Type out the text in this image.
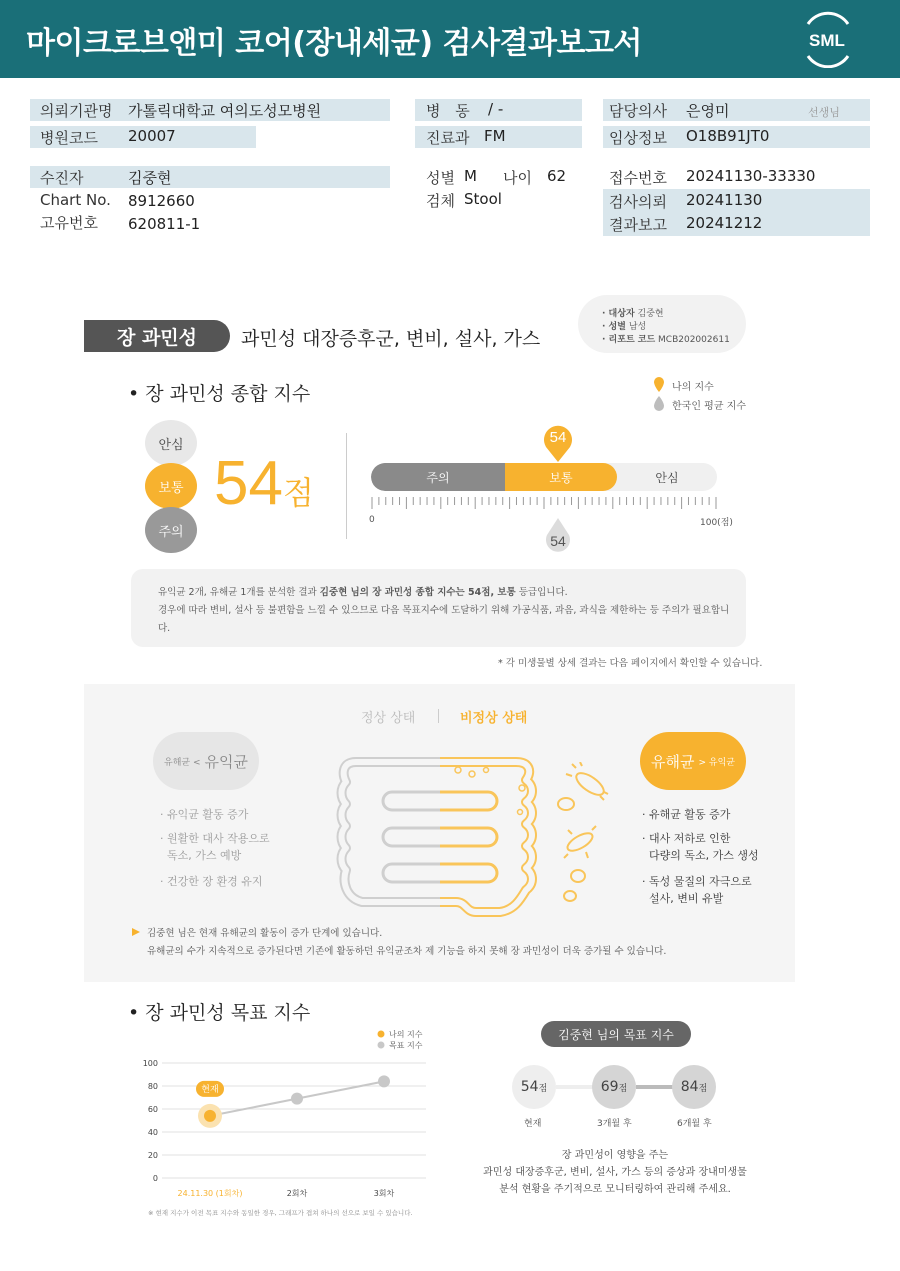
마이크로브앤미 코어(장내세균) 검사결과보고서	SML
의뢰기관명 가톨릭대학교 여의도성모병원
병원코드 20007
병 동 / -
진료과 FM
담당의사 은영미	선생님
임상정보 O18B91JT0
수진자	김중현
Chart No. 8912660
고유번호 620811-1
성별 M 나이 62
검체 Stool
접수번호 20241130-33330
검사의뢰 20241130
결과보고 20241212
장 과민성 과민성 대장증후군, 변비, 설사, 가스
· 대상자 김중현
· 성별 남성
· 리포트 코드 MCB202002611
• 장 과민성 종합 지수	나의 지수
한국인 평균 지수
안심
보통
주의
54점	주의	보통	안심
0	100(점)
54
54
유익균 2개, 유해균 1개를 분석한 결과 김중현 님의 장 과민성 종합 지수는 54점, 보통 등급입니다.
경우에 따라 변비, 설사 등 불편함을 느낄 수 있으므로 다음 목표지수에 도달하기 위해 가공식품, 과음, 과식을 제한하는 등 주의가 필요합니
다.
* 각 미생물별 상세 결과는 다음 페이지에서 확인할 수 있습니다.
정상 상태	비정상 상태
유해균 < 유익균	유해균 > 유익균
· 유익균 활동 증가
· 원활한 대사 작용으로
독소, 가스 예방
· 건강한 장 환경 유지
· 유해균 활동 증가
· 대사 저하로 인한
다량의 독소, 가스 생성
· 독성 물질의 자극으로
설사, 변비 유발
김중현 님은 현재 유해균의 활동이 증가 단계에 있습니다.
유해균의 수가 지속적으로 증가된다면 기존에 활동하던 유익균조차 제 기능을 하지 못해 장 과민성이 더욱 증가될 수 있습니다.
• 장 과민성 목표 지수
나의 지수
목표 지수
100
80
60
40
20
0
24.11.30 (1회차)	2회차	3회차
현재
※ 현재 지수가 이전 목표 지수와 동일한 경우, 그래프가 겹쳐 하나의 선으로 보일 수 있습니다.
김중현 님의 목표 지수
54 점	69 점	84 점
현재	3개월 후	6개월 후
장 과민성이 영향을 주는
과민성 대장증후군, 변비, 설사, 가스 등의 증상과 장내미생물
분석 현황을 주기적으로 모니터링하여 관리해 주세요.
